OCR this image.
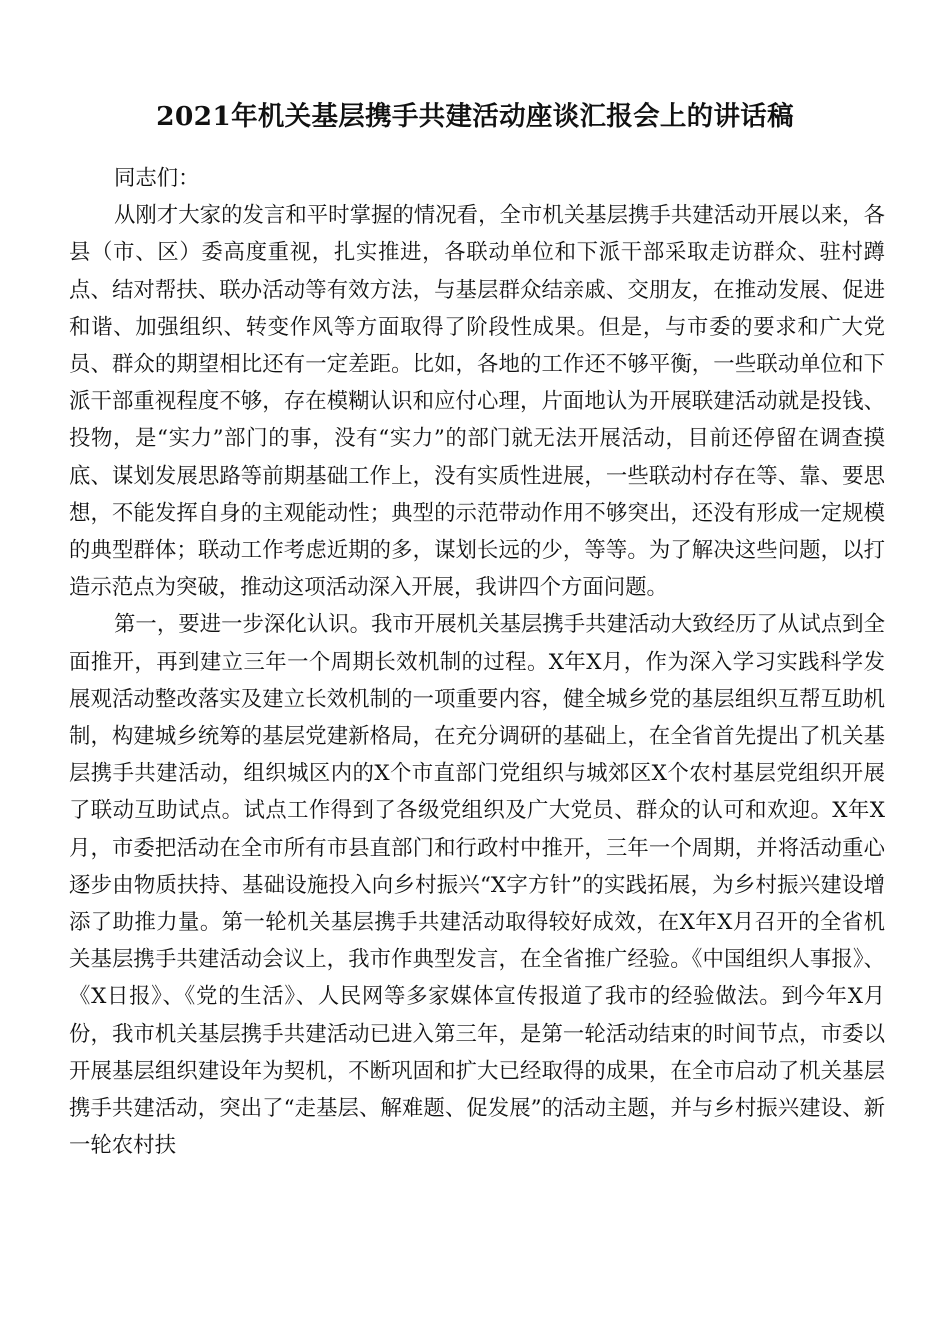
2021年机关基层携手共建活动座谈汇报会上的讲话稿

同志们：

从刚才大家的发言和平时掌握的情况看，全市机关基层携手共建活动开展以来，各县（市、区）委高度重视，扎实推进，各联动单位和下派干部采取走访群众、驻村蹲点、结对帮扶、联办活动等有效方法，与基层群众结亲戚、交朋友，在推动发展、促进和谐、加强组织、转变作风等方面取得了阶段性成果。但是，与市委的要求和广大党员、群众的期望相比还有一定差距。比如，各地的工作还不够平衡，一些联动单位和下派干部重视程度不够，存在模糊认识和应付心理，片面地认为开展联建活动就是投钱、投物，是“实力”部门的事，没有“实力”的部门就无法开展活动，目前还停留在调查摸底、谋划发展思路等前期基础工作上，没有实质性进展，一些联动村存在等、靠、要思想，不能发挥自身的主观能动性；典型的示范带动作用不够突出，还没有形成一定规模的典型群体；联动工作考虑近期的多，谋划长远的少，等等。为了解决这些问题，以打造示范点为突破，推动这项活动深入开展，我讲四个方面问题。

第一，要进一步深化认识。我市开展机关基层携手共建活动大致经历了从试点到全面推开，再到建立三年一个周期长效机制的过程。X年X月，作为深入学习实践科学发展观活动整改落实及建立长效机制的一项重要内容，健全城乡党的基层组织互帮互助机制，构建城乡统筹的基层党建新格局，在充分调研的基础上，在全省首先提出了机关基层携手共建活动，组织城区内的X个市直部门党组织与城郊区X个农村基层党组织开展了联动互助试点。试点工作得到了各级党组织及广大党员、群众的认可和欢迎。X年X月，市委把活动在全市所有市县直部门和行政村中推开，三年一个周期，并将活动重心逐步由物质扶持、基础设施投入向乡村振兴“X字方针”的实践拓展，为乡村振兴建设增添了助推力量。第一轮机关基层携手共建活动取得较好成效，在X年X月召开的全省机关基层携手共建活动会议上，我市作典型发言，在全省推广经验。《中国组织人事报》、《X日报》、《党的生活》、人民网等多家媒体宣传报道了我市的经验做法。到今年X月份，我市机关基层携手共建活动已进入第三年，是第一轮活动结束的时间节点，市委以开展基层组织建设年为契机，不断巩固和扩大已经取得的成果，在全市启动了机关基层携手共建活动，突出了“走基层、解难题、促发展”的活动主题，并与乡村振兴建设、新一轮农村扶
